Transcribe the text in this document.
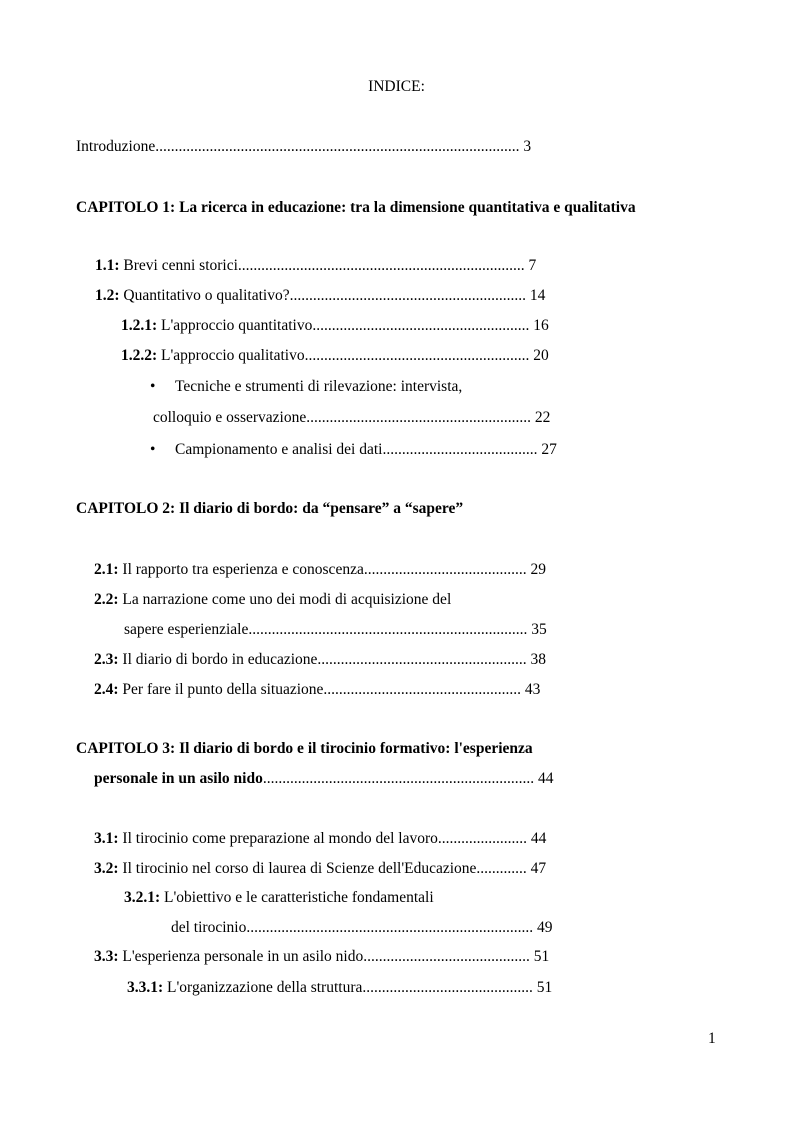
INDICE:
Introduzione.............................................................................................. 3
CAPITOLO 1: La ricerca in educazione: tra la dimensione quantitativa e qualitativa
1.1: Brevi cenni storici.......................................................................... 7
1.2: Quantitativo o qualitativo?............................................................. 14
1.2.1: L'approccio quantitativo........................................................ 16
1.2.2: L'approccio qualitativo.......................................................... 20
• Tecniche e strumenti di rilevazione: intervista,
colloquio e osservazione.......................................................... 22
• Campionamento e analisi dei dati........................................ 27
CAPITOLO 2: Il diario di bordo: da “pensare” a “sapere”
2.1: Il rapporto tra esperienza e conoscenza.......................................... 29
2.2: La narrazione come uno dei modi di acquisizione del
sapere esperienziale........................................................................ 35
2.3: Il diario di bordo in educazione...................................................... 38
2.4: Per fare il punto della situazione................................................... 43
CAPITOLO 3: Il diario di bordo e il tirocinio formativo: l'esperienza
personale in un asilo nido...................................................................... 44
3.1: Il tirocinio come preparazione al mondo del lavoro....................... 44
3.2: Il tirocinio nel corso di laurea di Scienze dell'Educazione............. 47
3.2.1: L'obiettivo e le caratteristiche fondamentali
del tirocinio.......................................................................... 49
3.3: L'esperienza personale in un asilo nido........................................... 51
3.3.1: L'organizzazione della struttura............................................ 51
1
